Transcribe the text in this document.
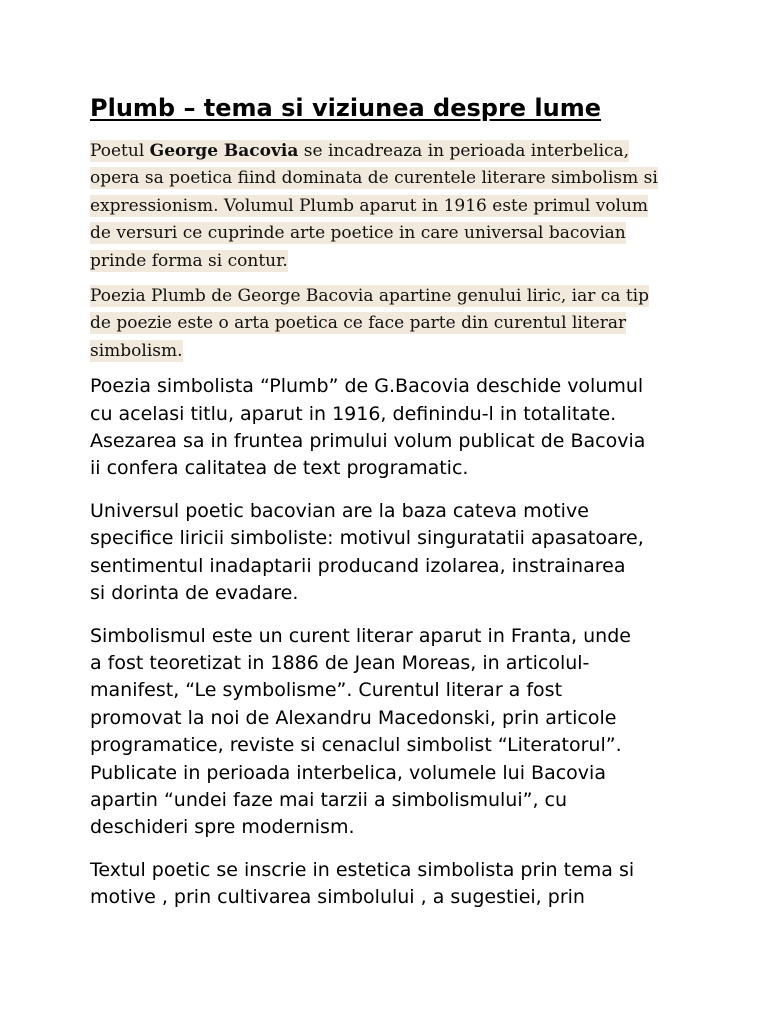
Plumb – tema si viziunea despre lume
Poetul George Bacovia se incadreaza in perioada interbelica,
opera sa poetica fiind dominata de curentele literare simbolism si
expressionism. Volumul Plumb aparut in 1916 este primul volum
de versuri ce cuprinde arte poetice in care universal bacovian
prinde forma si contur.
Poezia Plumb de George Bacovia apartine genului liric, iar ca tip
de poezie este o arta poetica ce face parte din curentul literar
simbolism.
Poezia simbolista “Plumb” de G.Bacovia deschide volumul
cu acelasi titlu, aparut in 1916, definindu-l in totalitate.
Asezarea sa in fruntea primului volum publicat de Bacovia
ii confera calitatea de text programatic.
Universul poetic bacovian are la baza cateva motive
specifice liricii simboliste: motivul singuratatii apasatoare,
sentimentul inadaptarii producand izolarea, instrainarea
si dorinta de evadare.
Simbolismul este un curent literar aparut in Franta, unde
a fost teoretizat in 1886 de Jean Moreas, in articolul-
manifest, “Le symbolisme”. Curentul literar a fost
promovat la noi de Alexandru Macedonski, prin articole
programatice, reviste si cenaclul simbolist “Literatorul”.
Publicate in perioada interbelica, volumele lui Bacovia
apartin “undei faze mai tarzii a simbolismului”, cu
deschideri spre modernism.
Textul poetic se inscrie in estetica simbolista prin tema si
motive , prin cultivarea simbolului , a sugestiei, prin
